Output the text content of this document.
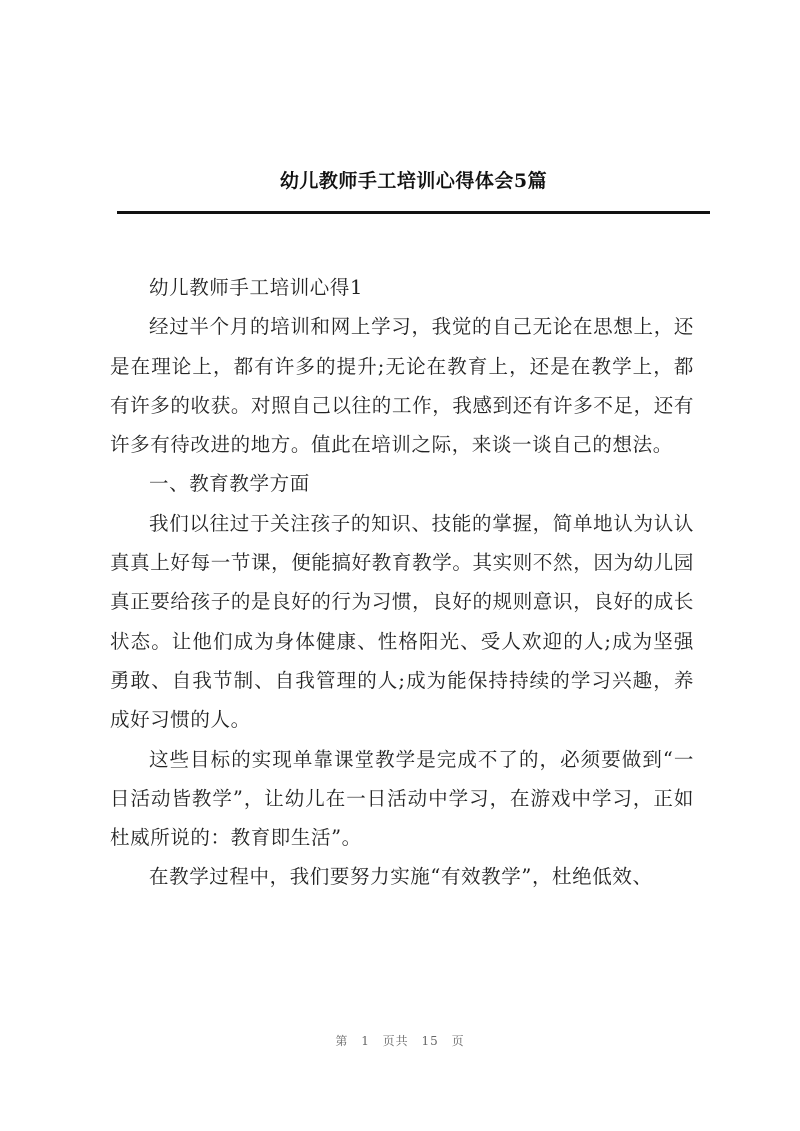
幼儿教师手工培训心得体会5篇

幼儿教师手工培训心得1

经过半个月的培训和网上学习，我觉的自己无论在思想上，还是在理论上，都有许多的提升;无论在教育上，还是在教学上，都有许多的收获。对照自己以往的工作，我感到还有许多不足，还有许多有待改进的地方。值此在培训之际，来谈一谈自己的想法。

一、教育教学方面

我们以往过于关注孩子的知识、技能的掌握，简单地认为认认真真上好每一节课，便能搞好教育教学。其实则不然，因为幼儿园真正要给孩子的是良好的行为习惯，良好的规则意识，良好的成长状态。让他们成为身体健康、性格阳光、受人欢迎的人;成为坚强勇敢、自我节制、自我管理的人;成为能保持持续的学习兴趣，养成好习惯的人。

这些目标的实现单靠课堂教学是完成不了的，必须要做到“一日活动皆教学”，让幼儿在一日活动中学习，在游戏中学习，正如杜威所说的：教育即生活”。

在教学过程中，我们要努力实施“有效教学”，杜绝低效、

第 1 页共 15 页
